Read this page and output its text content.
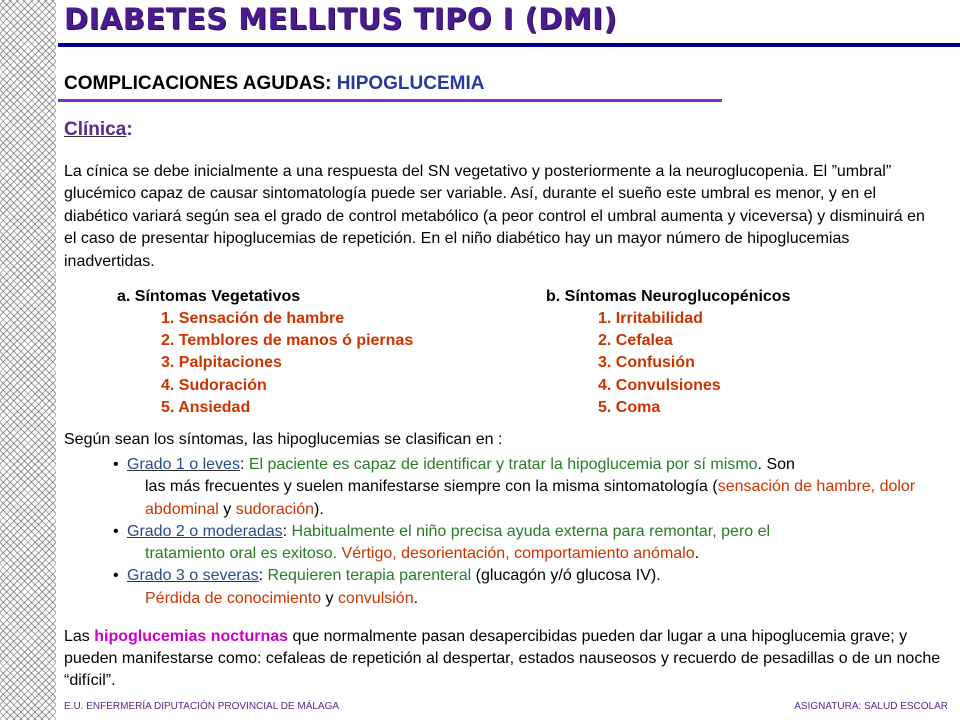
DIABETES MELLITUS TIPO I (DMI)
COMPLICACIONES AGUDAS: HIPOGLUCEMIA
Clínica:

La cínica se debe inicialmente a una respuesta del SN vegetativo y posteriormente a la neuroglucopenia. El ”umbral” glucémico capaz de causar sintomatología puede ser variable. Así, durante el sueño este umbral es menor, y en el diabético variará según sea el grado de control metabólico (a peor control el umbral aumenta y viceversa) y disminuirá en el caso de presentar hipoglucemias de repetición. En el niño diabético hay un mayor número de hipoglucemias inadvertidas.

a. Síntomas Vegetativos
1. Sensación de hambre
2. Temblores de manos ó piernas
3. Palpitaciones
4. Sudoración
5. Ansiedad
b. Síntomas Neuroglucopénicos
1. Irritabilidad
2. Cefalea
3. Confusión
4. Convulsiones
5. Coma

Según sean los síntomas, las hipoglucemias se clasifican en :

• Grado 1 o leves: El paciente es capaz de identificar y tratar la hipoglucemia por sí mismo. Son
las más frecuentes y suelen manifestarse siempre con la misma sintomatología (sensación de hambre, dolor abdominal y sudoración).
• Grado 2 o moderadas: Habitualmente el niño precisa ayuda externa para remontar, pero el
tratamiento oral es exitoso. Vértigo, desorientación, comportamiento anómalo.
• Grado 3 o severas: Requieren terapia parenteral (glucagón y/ó glucosa IV).
Pérdida de conocimiento y convulsión.

Las hipoglucemias nocturnas que normalmente pasan desapercibidas pueden dar lugar a una hipoglucemia grave; y pueden manifestarse como: cefaleas de repetición al despertar, estados nauseosos y recuerdo de pesadillas o de un noche “difícil”.

E.U. ENFERMERÍA DIPUTACIÓN PROVINCIAL DE MÁLAGA	ASIGNATURA: SALUD ESCOLAR
